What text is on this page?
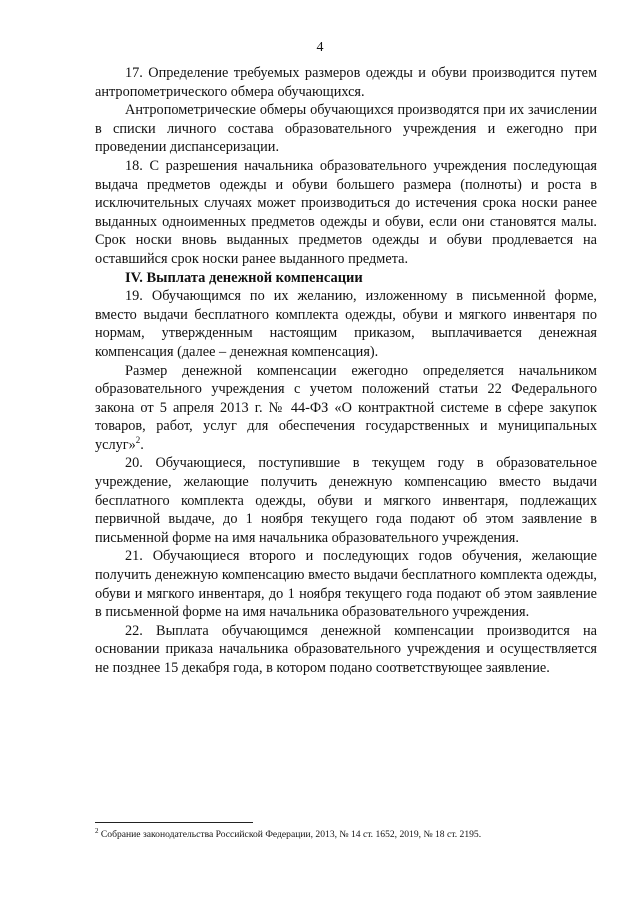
4

17. Определение требуемых размеров одежды и обуви производится путем антропометрического обмера обучающихся.

Антропометрические обмеры обучающихся производятся при их зачислении в списки личного состава образовательного учреждения и ежегодно при проведении диспансеризации.

18. С разрешения начальника образовательного учреждения последующая выдача предметов одежды и обуви большего размера (полноты) и роста в исключительных случаях может производиться до истечения срока носки ранее выданных одноименных предметов одежды и обуви, если они становятся малы. Срок носки вновь выданных предметов одежды и обуви продлевается на оставшийся срок носки ранее выданного предмета.

IV. Выплата денежной компенсации

19. Обучающимся по их желанию, изложенному в письменной форме, вместо выдачи бесплатного комплекта одежды, обуви и мягкого инвентаря по нормам, утвержденным настоящим приказом, выплачивается денежная компенсация (далее – денежная компенсация).

Размер денежной компенсации ежегодно определяется начальником образовательного учреждения с учетом положений статьи 22 Федерального закона от 5 апреля 2013 г. № 44-ФЗ «О контрактной системе в сфере закупок товаров, работ, услуг для обеспечения государственных и муниципальных услуг»$^2$.

20. Обучающиеся, поступившие в текущем году в образовательное учреждение, желающие получить денежную компенсацию вместо выдачи бесплатного комплекта одежды, обуви и мягкого инвентаря, подлежащих первичной выдаче, до 1 ноября текущего года подают об этом заявление в письменной форме на имя начальника образовательного учреждения.

21. Обучающиеся второго и последующих годов обучения, желающие получить денежную компенсацию вместо выдачи бесплатного комплекта одежды, обуви и мягкого инвентаря, до 1 ноября текущего года подают об этом заявление в письменной форме на имя начальника образовательного учреждения.

22. Выплата обучающимся денежной компенсации производится на основании приказа начальника образовательного учреждения и осуществляется не позднее 15 декабря года, в котором подано соответствующее заявление.

$^2$ Собрание законодательства Российской Федерации, 2013, № 14 ст. 1652, 2019, № 18 ст. 2195.
